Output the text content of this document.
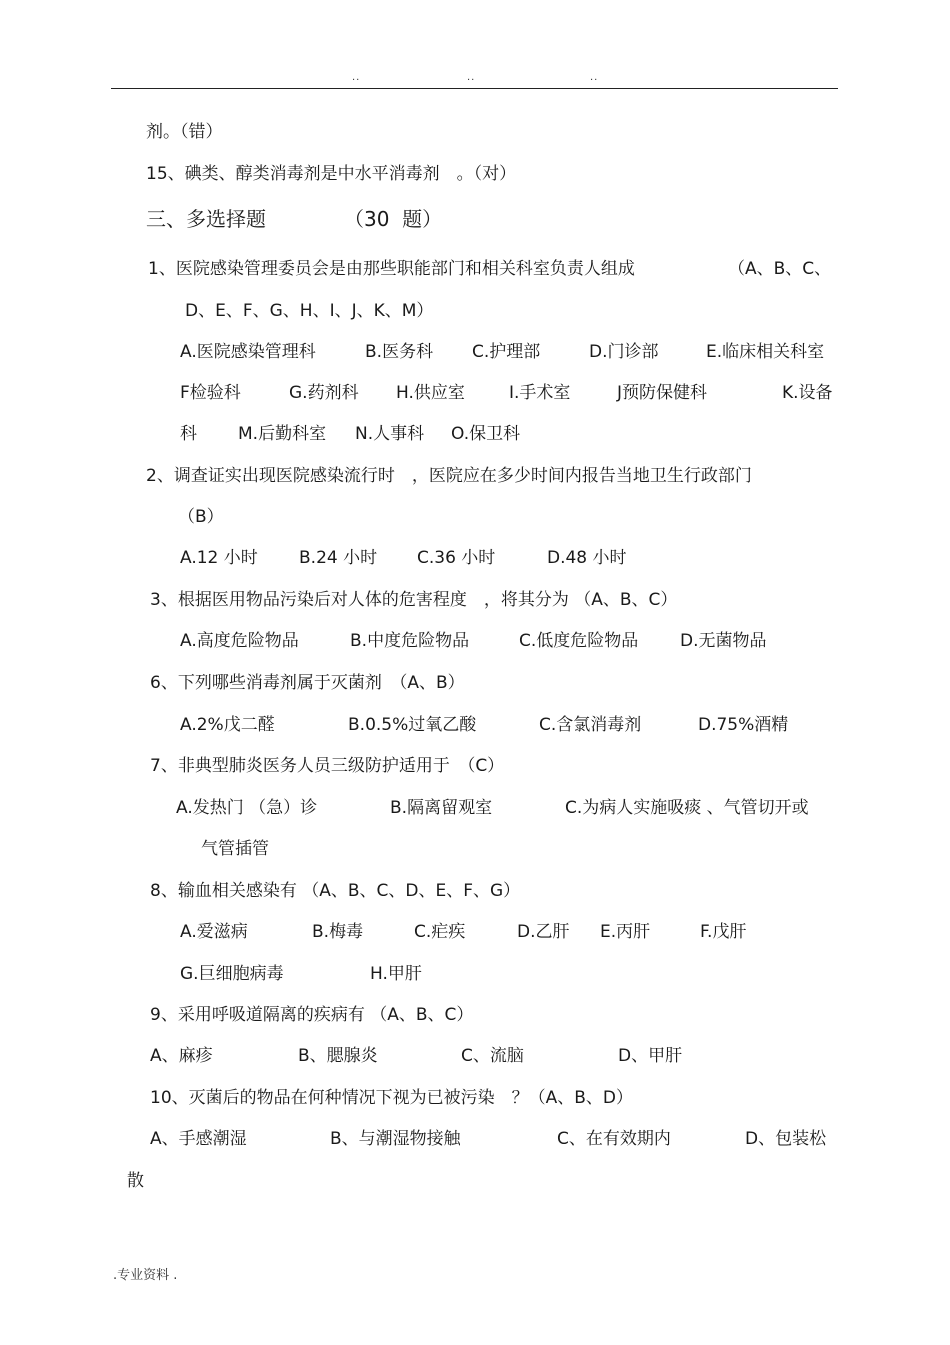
..	..	..
剂。（错）
15、碘类、醇类消毒剂是中水平消毒剂　。（对）
三、多选择题	（30  题）
1、医院感染管理委员会是由那些职能部门和相关科室负责人组成	（A、B、C、
D、E、F、G、H、I、J、K、M）
A.医院感染管理科	B.医务科 C.护理部	D.门诊部	E.临床相关科室
F检验科	G.药剂科 H.供应室	I.手术室	J预防保健科	K.设备
科 M.后勤科室 N.人事科 O.保卫科
2、调查证实出现医院感染流行时　，医院应在多少时间内报告当地卫生行政部门
（B）
A.12 小时 B.24 小时 C.36 小时	D.48 小时
3、根据医用物品污染后对人体的危害程度　，将其分为 （A、B、C）
A.高度危险物品	B.中度危险物品	C.低度危险物品 D.无菌物品
6、下列哪些消毒剂属于灭菌剂　（A、B）
A.2%戊二醛	B.0.5%过氧乙酸	C.含氯消毒剂	D.75%酒精
7、非典型肺炎医务人员三级防护适用于　（C）
A.发热门 （急）诊	B.隔离留观室	C.为病人实施吸痰 、气管切开或
气管插管
8、输血相关感染有 （A、B、C、D、E、F、G）
A.爱滋病	B.梅毒	C.疟疾	D.乙肝 E.丙肝	F.戊肝
G.巨细胞病毒	H.甲肝
9、采用呼吸道隔离的疾病有 （A、B、C）
A、麻疹	B、腮腺炎	C、流脑	D、甲肝
10、灭菌后的物品在何种情况下视为已被污染　？（A、B、D）
A、手感潮湿	B、与潮湿物接触	C、在有效期内	D、包装松
散
.专业资料 .
